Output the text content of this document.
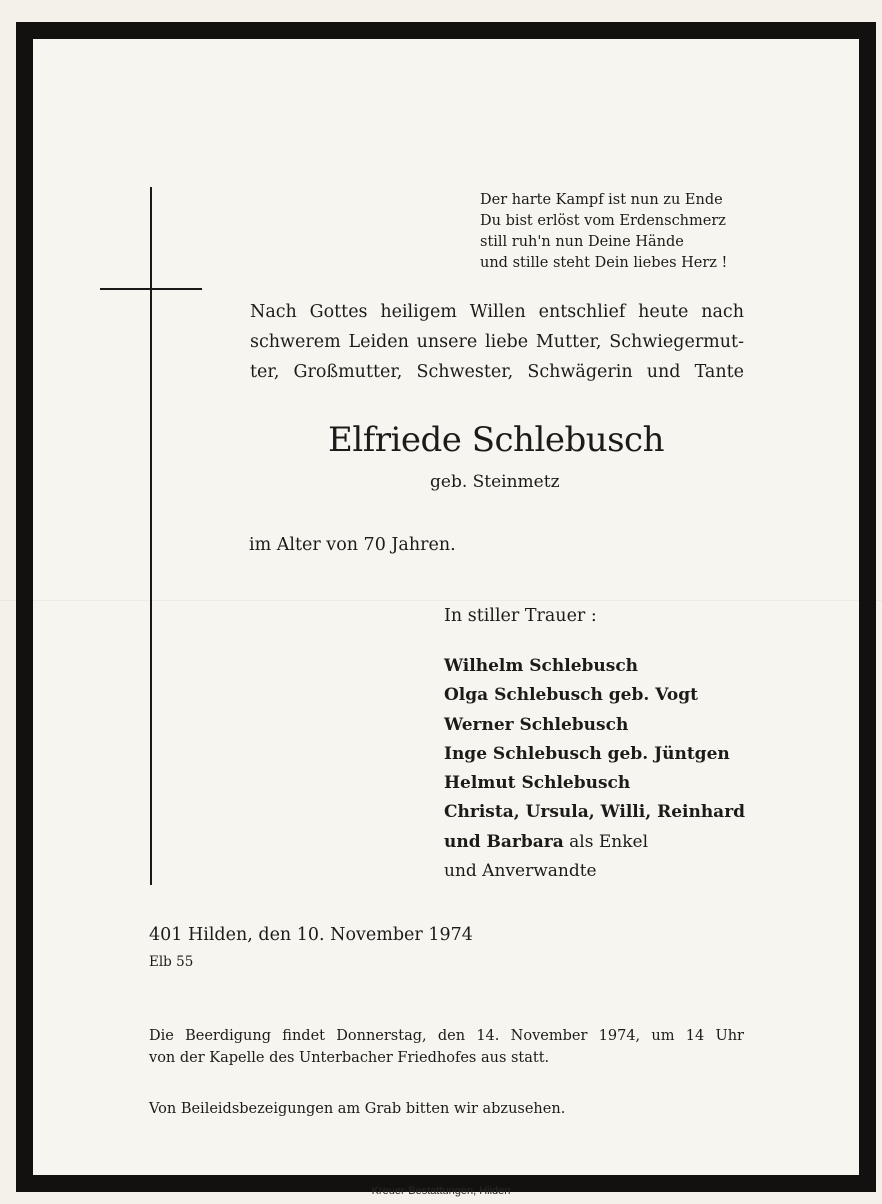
Der harte Kampf ist nun zu Ende
Du bist erlöst vom Erdenschmerz
still ruh'n nun Deine Hände
und stille steht Dein liebes Herz !
Nach Gottes heiligem Willen entschlief heute nach
schwerem Leiden unsere liebe Mutter, Schwiegermut-
ter, Großmutter, Schwester, Schwägerin und Tante
Elfriede Schlebusch
geb. Steinmetz
im Alter von 70 Jahren.
In stiller Trauer :
Wilhelm Schlebusch
Olga Schlebusch geb. Vogt
Werner Schlebusch
Inge Schlebusch geb. Jüntgen
Helmut Schlebusch
Christa, Ursula, Willi, Reinhard
und Barbara als Enkel
und Anverwandte
401 Hilden, den 10. November 1974
Elb 55
Die Beerdigung findet Donnerstag, den 14. November 1974, um 14 Uhr
von der Kapelle des Unterbacher Friedhofes aus statt.
Von Beileidsbezeigungen am Grab bitten wir abzusehen.
Kreuer-Bestattungen, Hilden
